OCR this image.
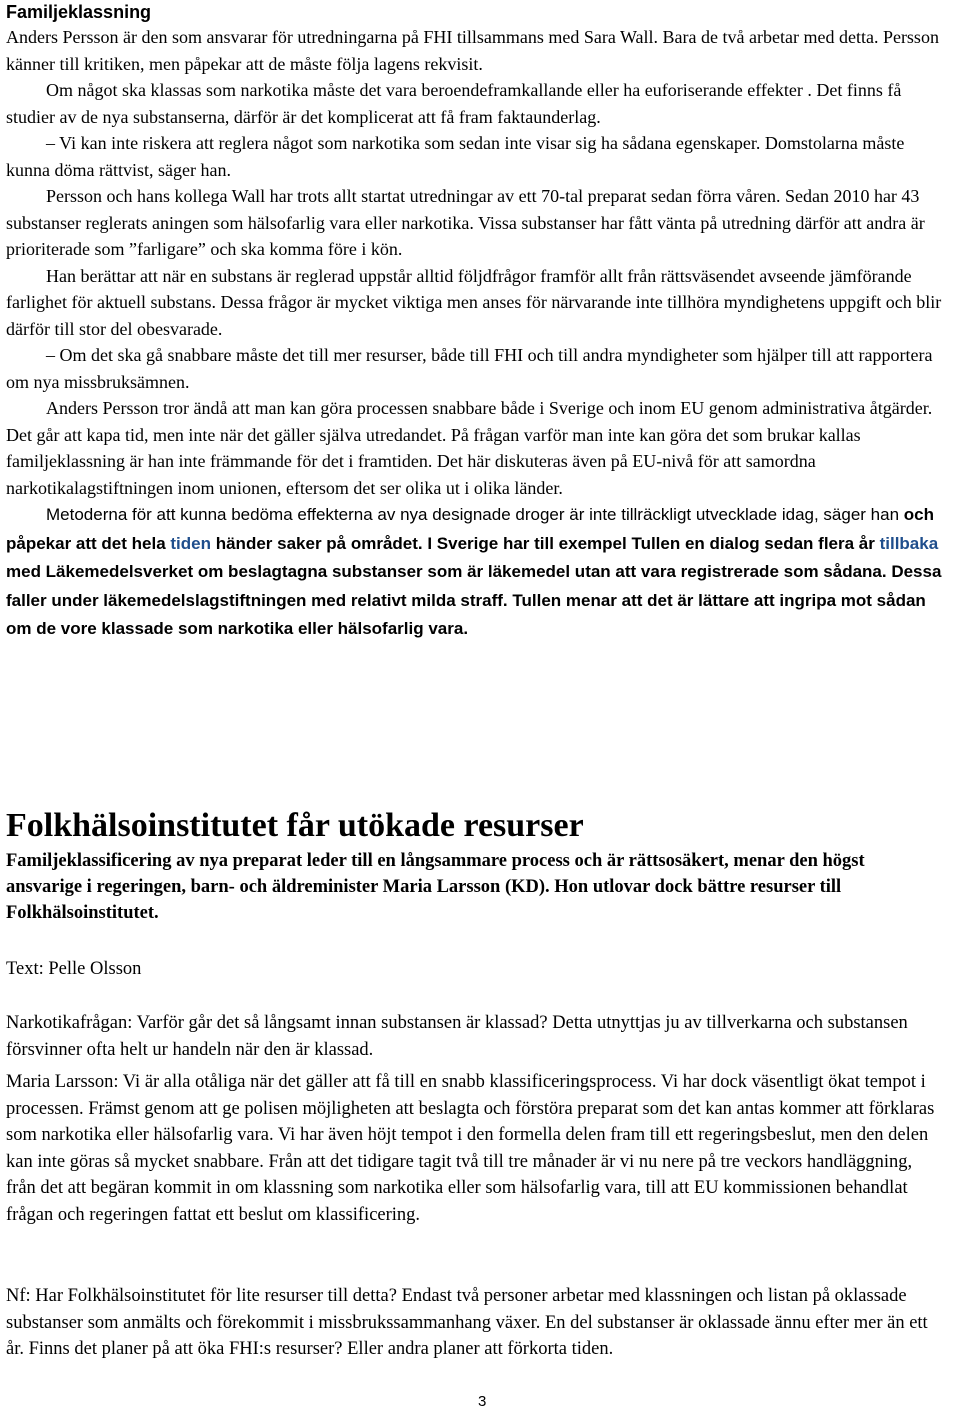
Familjeklassning

Anders Persson är den som ansvarar för utredningarna på FHI tillsammans med Sara Wall. Bara de två arbetar med detta. Persson känner till kritiken, men påpekar att de måste följa lagens rekvisit.

Om något ska klassas som narkotika måste det vara beroendeframkallande eller ha euforiserande effekter . Det finns få studier av de nya substanserna, därför är det komplicerat att få fram faktaunderlag.

– Vi kan inte riskera att reglera något som narkotika som sedan inte visar sig ha sådana egenskaper. Domstolarna måste kunna döma rättvist, säger han.

Persson och hans kollega Wall har trots allt startat utredningar av ett 70-tal preparat sedan förra våren. Sedan 2010 har 43 substanser reglerats aningen som hälsofarlig vara eller narkotika. Vissa substanser har fått vänta på utredning därför att andra är prioriterade som ”farligare” och ska komma före i kön.

Han berättar att när en substans är reglerad uppstår alltid följdfrågor framför allt från rättsväsendet avseende jämförande farlighet för aktuell substans. Dessa frågor är mycket viktiga men anses för närvarande inte tillhöra myndighetens uppgift och blir därför till stor del obesvarade.

– Om det ska gå snabbare måste det till mer resurser, både till FHI och till andra myndigheter som hjälper till att rapportera om nya missbruksämnen.

Anders Persson tror ändå att man kan göra processen snabbare både i Sverige och inom EU genom administrativa åtgärder. Det går att kapa tid, men inte när det gäller själva utredandet. På frågan varför man inte kan göra det som brukar kallas familjeklassning är han inte främmande för det i framtiden. Det här diskuteras även på EU-nivå för att samordna narkotikalagstiftningen inom unionen, eftersom det ser olika ut i olika länder.

Metoderna för att kunna bedöma effekterna av nya designade droger är inte tillräckligt utvecklade idag, säger han och påpekar att det hela tiden händer saker på området. I Sverige har till exempel Tullen en dialog sedan flera år tillbaka med Läkemedelsverket om beslagtagna substanser som är läkemedel utan att vara registrerade som sådana. Dessa faller under läkemedelslagstiftningen med relativt milda straff. Tullen menar att det är lättare att ingripa mot sådan om de vore klassade som narkotika eller hälsofarlig vara.

Folkhälsoinstitutet får utökade resurser

Familjeklassificering av nya preparat leder till en långsammare process och är rättsosäkert, menar den högst ansvarige i regeringen, barn- och äldreminister Maria Larsson (KD). Hon utlovar dock bättre resurser till Folkhälsoinstitutet.

Text: Pelle Olsson

Narkotikafrågan: Varför går det så långsamt innan substansen är klassad? Detta utnyttjas ju av tillverkarna och substansen försvinner ofta helt ur handeln när den är klassad.

Maria Larsson: Vi är alla otåliga när det gäller att få till en snabb klassificeringsprocess. Vi har dock väsentligt ökat tempot i processen. Främst genom att ge polisen möjligheten att beslagta och förstöra preparat som det kan antas kommer att förklaras som narkotika eller hälsofarlig vara. Vi har även höjt tempot i den formella delen fram till ett regeringsbeslut, men den delen kan inte göras så mycket snabbare. Från att det tidigare tagit två till tre månader är vi nu nere på tre veckors handläggning, från det att begäran kommit in om klassning som narkotika eller som hälsofarlig vara, till att EU kommissionen behandlat frågan och regeringen fattat ett beslut om klassificering.

Nf: Har Folkhälsoinstitutet för lite resurser till detta? Endast två personer arbetar med klassningen och listan på oklassade substanser som anmälts och förekommit i missbrukssammanhang växer. En del substanser är oklassade ännu efter mer än ett år. Finns det planer på att öka FHI:s resurser? Eller andra planer att förkorta tiden.

3
